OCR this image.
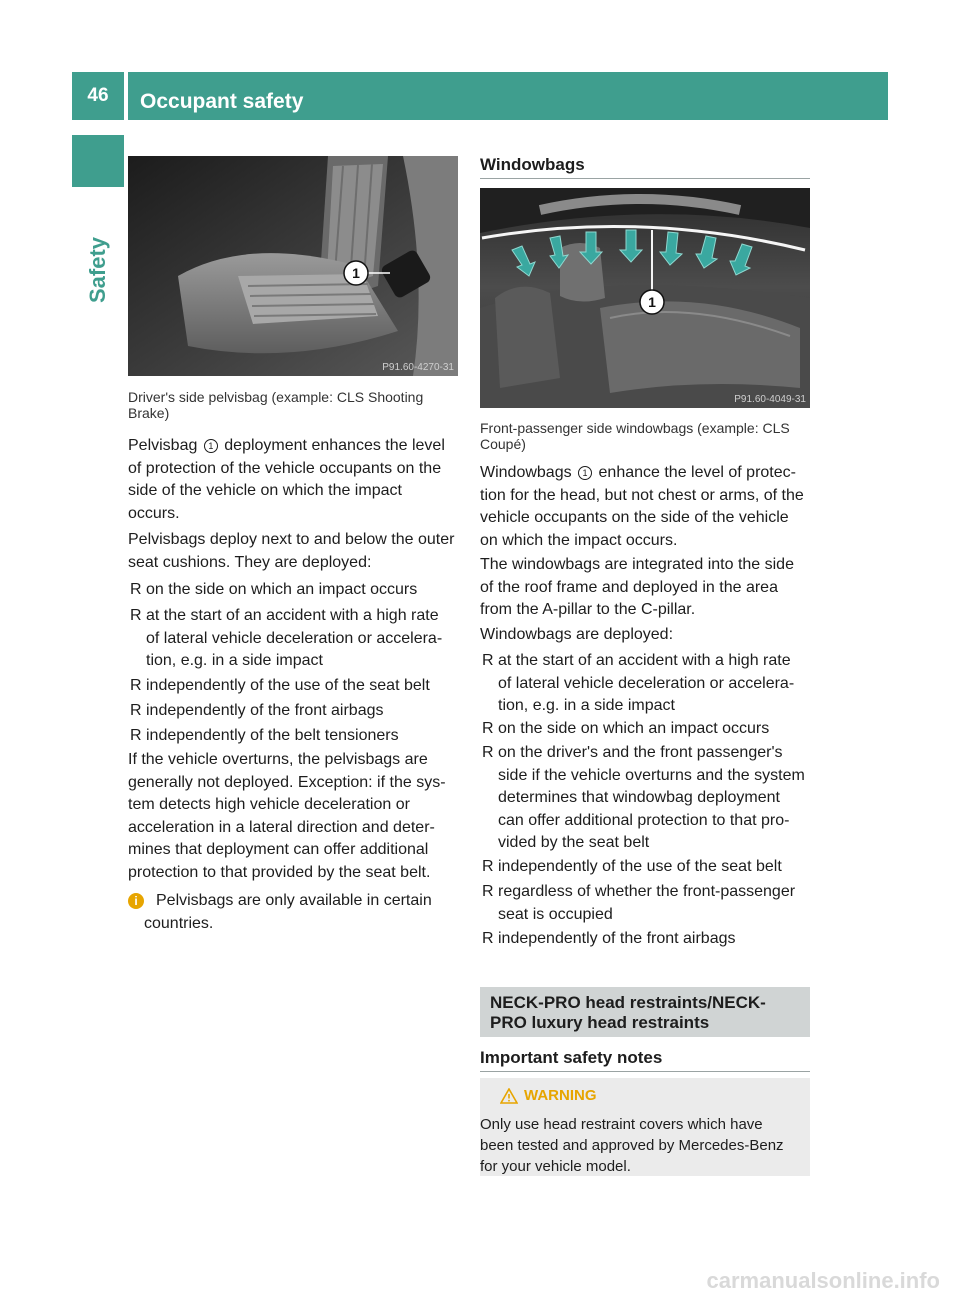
46	Occupant safety
Safety	1
P91.60-4270-31
Driver's side pelvisbag (example: CLS Shooting Brake)
Pelvisbag 1 deployment enhances the level
of protection of the vehicle occupants on the
side of the vehicle on which the impact
occurs.
Pelvisbags deploy next to and below the outer
seat cushions. They are deployed:
R on the side on which an impact occurs
R at the start of an accident with a high rate
of lateral vehicle deceleration or accelera-
tion, e.g. in a side impact
R independently of the use of the seat belt
R independently of the front airbags
R independently of the belt tensioners
If the vehicle overturns, the pelvisbags are
generally not deployed. Exception: if the sys-
tem detects high vehicle deceleration or
acceleration in a lateral direction and deter-
mines that deployment can offer additional
protection to that provided by the seat belt.
i	Pelvisbags are only available in certain
countries.
Windowbags
1
P91.60-4049-31
Front-passenger side windowbags (example: CLS
Coupé)
Windowbags 1 enhance the level of protec-
tion for the head, but not chest or arms, of the
vehicle occupants on the side of the vehicle
on which the impact occurs.
The windowbags are integrated into the side
of the roof frame and deployed in the area
from the A-pillar to the C-pillar.
Windowbags are deployed:
R at the start of an accident with a high rate
of lateral vehicle deceleration or accelera-
tion, e.g. in a side impact
R on the side on which an impact occurs
R on the driver's and the front passenger's
side if the vehicle overturns and the system
determines that windowbag deployment
can offer additional protection to that pro-
vided by the seat belt
R independently of the use of the seat belt
R regardless of whether the front-passenger
seat is occupied
R independently of the front airbags
NECK-PRO head restraints/NECK-
PRO luxury head restraints
Important safety notes
WARNING
Only use head restraint covers which have
been tested and approved by Mercedes-Benz
for your vehicle model.
carmanualsonline.info
